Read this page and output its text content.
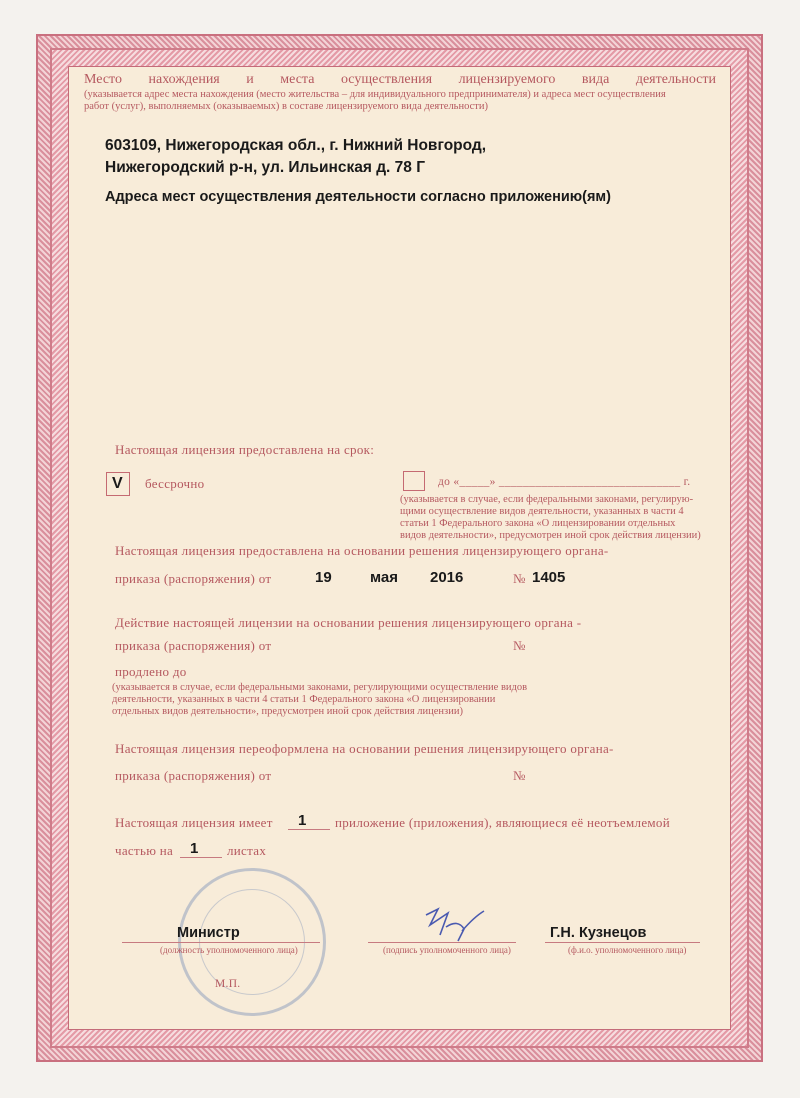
Место нахождения и места осуществления лицензируемого вида деятельности
(указывается адрес места нахождения (место жительства – для индивидуального предпринимателя) и адреса мест осуществления
работ (услуг), выполняемых (оказываемых) в составе лицензируемого вида деятельности)
603109, Нижегородская обл., г. Нижний Новгород,
Нижегородский р-н, ул. Ильинская д. 78 Г
Адреса мест осуществления деятельности согласно приложению(ям)
Настоящая лицензия предоставлена на срок:
V бессрочно	до «_____» ______________________________ г.
(указывается в случае, если федеральными законами, регулирую-
щими осуществление видов деятельности, указанных в части 4
статьи 1 Федерального закона «О лицензировании отдельных
видов деятельности», предусмотрен иной срок действия лицензии)
Настоящая лицензия предоставлена на основании решения лицензирующего органа-
приказа (распоряжения) от	19	мая 2016	№ 1405
Действие настоящей лицензии на основании решения лицензирующего органа -
приказа (распоряжения) от	№
продлено до
(указывается в случае, если федеральными законами, регулирующими осуществление видов
деятельности, указанных в части 4 статьи 1 Федерального закона «О лицензировании
отдельных видов деятельности», предусмотрен иной срок действия лицензии)
Настоящая лицензия переоформлена на основании решения лицензирующего органа-
приказа (распоряжения) от	№
Настоящая лицензия имеет 1 приложение (приложения), являющиеся её неотъемлемой
частью на 1 листах
Министр
(должность уполномоченного лица)	(подпись уполномоченного лица)
Г.Н. Кузнецов
(ф.и.о. уполномоченного лица)
М.П.
